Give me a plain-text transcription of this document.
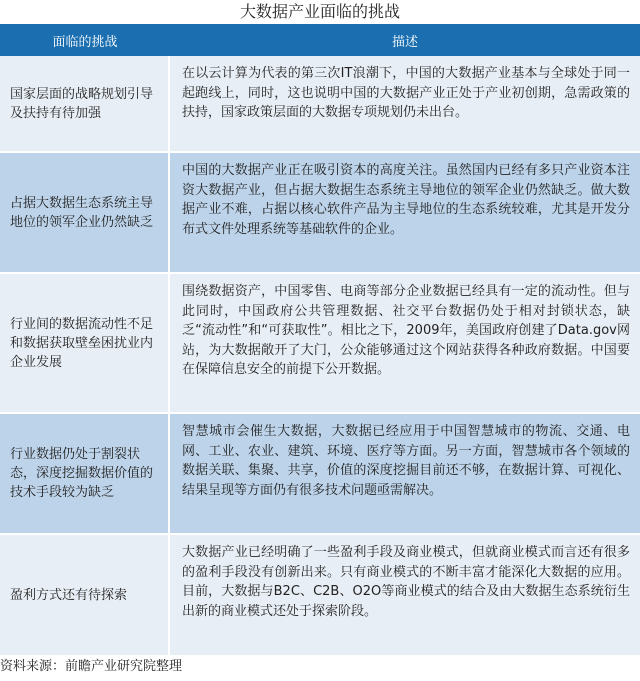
大数据产业面临的挑战
面临的挑战	描述
国家层面的战略规划引导及扶持有待加强
在以云计算为代表的第三次IT浪潮下，中国的大数据产业基本与全球处于同一起跑线上，同时，这也说明中国的大数据产业正处于产业初创期，急需政策的扶持，国家政策层面的大数据专项规划仍未出台。
占据大数据生态系统主导地位的领军企业仍然缺乏
中国的大数据产业正在吸引资本的高度关注。虽然国内已经有多只产业资本注资大数据产业，但占据大数据生态系统主导地位的领军企业仍然缺乏。做大数据产业不难，占据以核心软件产品为主导地位的生态系统较难，尤其是开发分布式文件处理系统等基础软件的企业。
行业间的数据流动性不足和数据获取壁垒困扰业内企业发展
围绕数据资产，中国零售、电商等部分企业数据已经具有一定的流动性。但与此同时，中国政府公共管理数据、社交平台数据仍处于相对封锁状态，缺乏“流动性”和“可获取性”。相比之下，2009年，美国政府创建了Data.gov网站，为大数据敞开了大门，公众能够通过这个网站获得各种政府数据。中国要在保障信息安全的前提下公开数据。
行业数据仍处于割裂状态，深度挖掘数据价值的技术手段较为缺乏
智慧城市会催生大数据，大数据已经应用于中国智慧城市的物流、交通、电网、工业、农业、建筑、环境、医疗等方面。另一方面，智慧城市各个领域的数据关联、集聚、共享，价值的深度挖掘目前还不够，在数据计算、可视化、结果呈现等方面仍有很多技术问题亟需解决。
盈利方式还有待探索
大数据产业已经明确了一些盈利手段及商业模式，但就商业模式而言还有很多的盈利手段没有创新出来。只有商业模式的不断丰富才能深化大数据的应用。目前，大数据与B2C、C2B、O2O等商业模式的结合及由大数据生态系统衍生出新的商业模式还处于探索阶段。
资料来源：前瞻产业研究院整理
